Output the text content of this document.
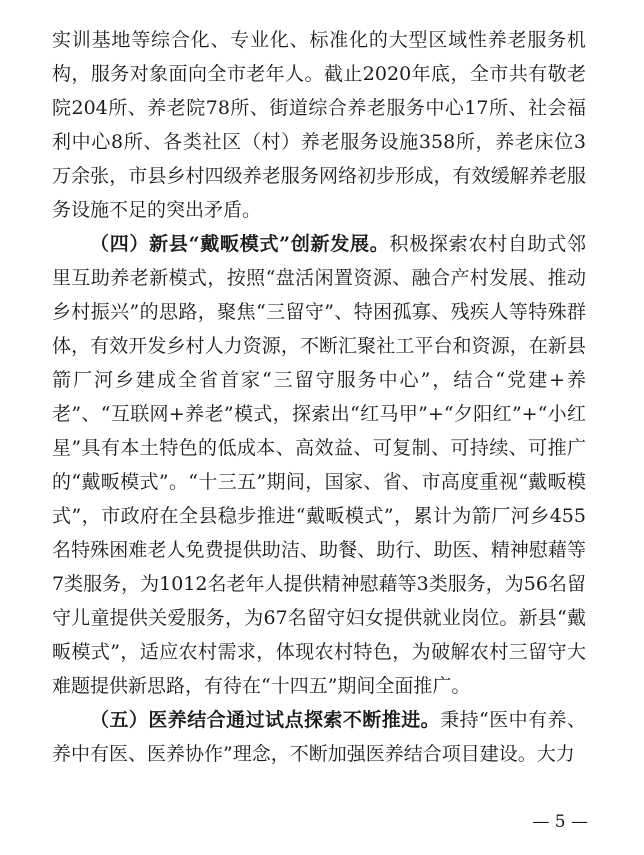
实训基地等综合化、专业化、标准化的大型区域性养老服务机构，服务对象面向全市老年人。截止2020年底，全市共有敬老院204所、养老院78所、街道综合养老服务中心17所、社会福利中心8所、各类社区（村）养老服务设施358所，养老床位3万余张，市县乡村四级养老服务网络初步形成，有效缓解养老服务设施不足的突出矛盾。

（四）新县“戴畈模式”创新发展。积极探索农村自助式邻里互助养老新模式，按照“盘活闲置资源、融合产村发展、推动乡村振兴”的思路，聚焦“三留守”、特困孤寡、残疾人等特殊群体，有效开发乡村人力资源，不断汇聚社工平台和资源，在新县箭厂河乡建成全省首家“三留守服务中心”，结合“党建+养老”、“互联网+养老”模式，探索出“红马甲”+“夕阳红”+“小红星”具有本土特色的低成本、高效益、可复制、可持续、可推广的“戴畈模式”。“十三五”期间，国家、省、市高度重视“戴畈模式”，市政府在全县稳步推进“戴畈模式”，累计为箭厂河乡455名特殊困难老人免费提供助洁、助餐、助行、助医、精神慰藉等7类服务，为1012名老年人提供精神慰藉等3类服务，为56名留守儿童提供关爱服务，为67名留守妇女提供就业岗位。新县“戴畈模式”，适应农村需求，体现农村特色，为破解农村三留守大难题提供新思路，有待在“十四五”期间全面推广。

（五）医养结合通过试点探索不断推进。秉持“医中有养、养中有医、医养协作”理念，不断加强医养结合项目建设。大力

— 5 —
